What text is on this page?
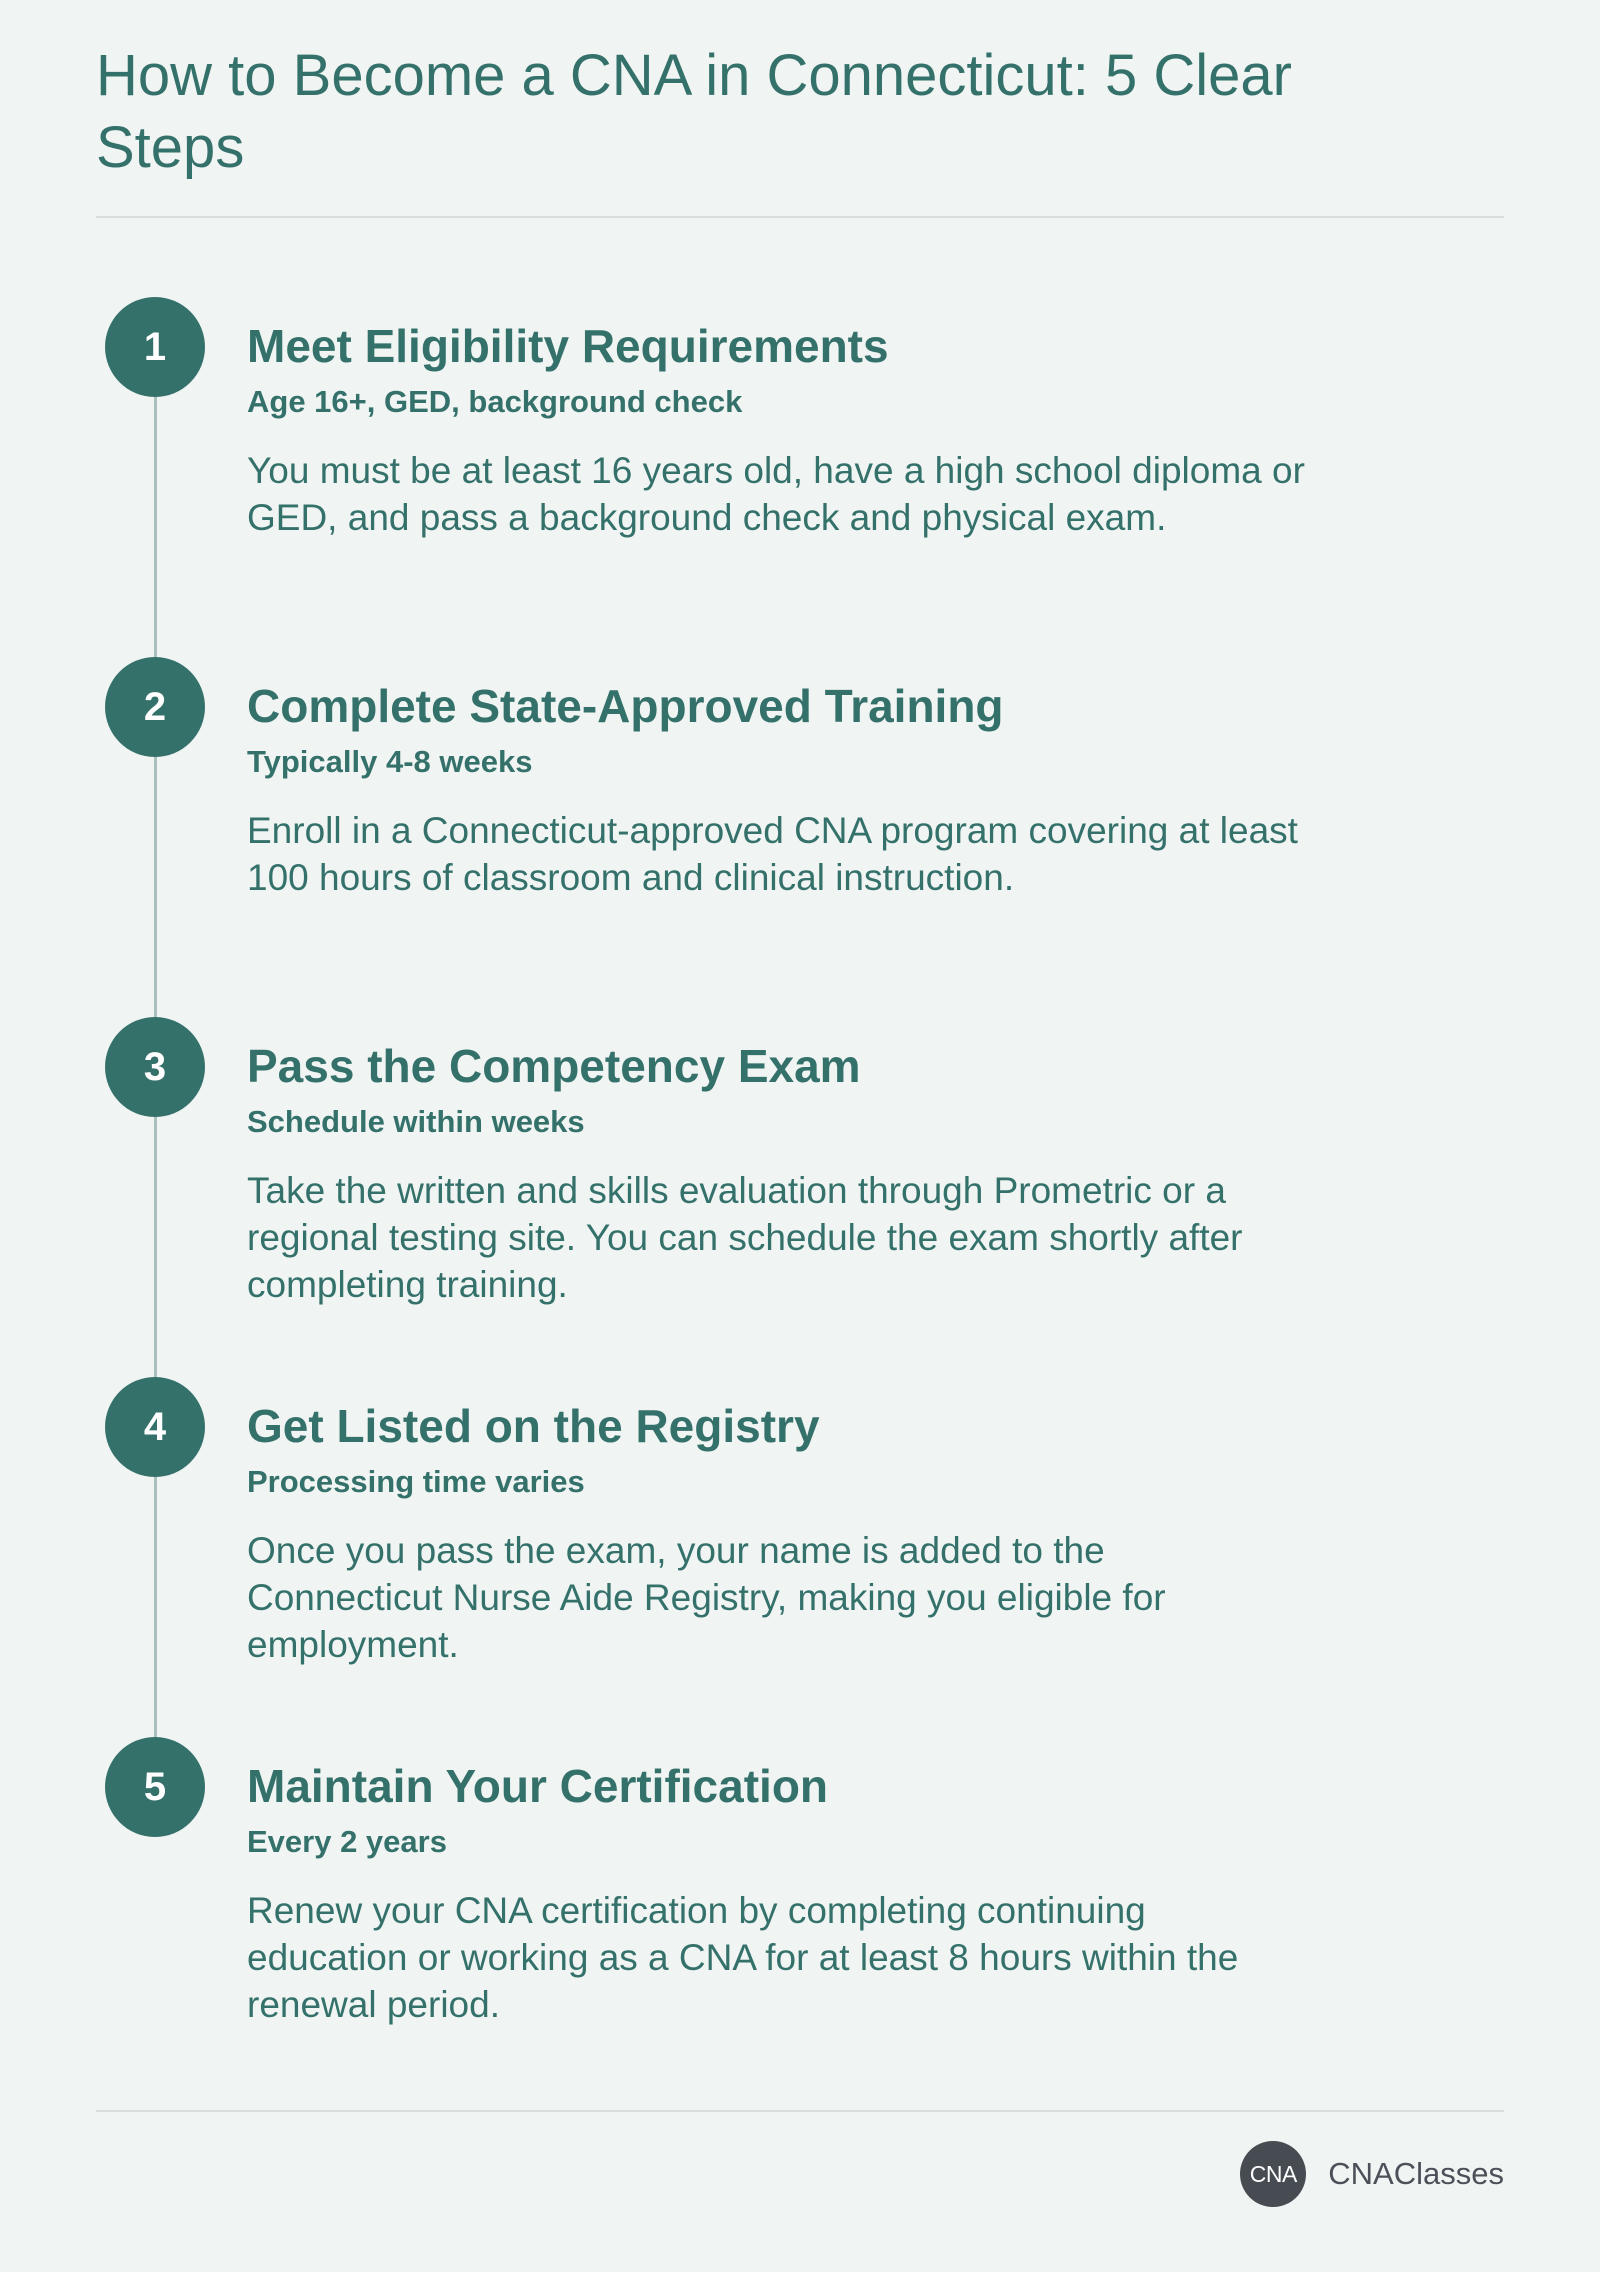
How to Become a CNA in Connecticut: 5 Clear Steps
1	Meet Eligibility Requirements
Age 16+, GED, background check

You must be at least 16 years old, have a high school diploma or GED, and pass a background check and physical exam.

2	Complete State-Approved Training
Typically 4-8 weeks

Enroll in a Connecticut-approved CNA program covering at least 100 hours of classroom and clinical instruction.

3	Pass the Competency Exam
Schedule within weeks

Take the written and skills evaluation through Prometric or a regional testing site. You can schedule the exam shortly after completing training.

4	Get Listed on the Registry
Processing time varies

Once you pass the exam, your name is added to the Connecticut Nurse Aide Registry, making you eligible for employment.

5	Maintain Your Certification
Every 2 years

Renew your CNA certification by completing continuing education or working as a CNA for at least 8 hours within the renewal period.

CNA	CNAClasses
